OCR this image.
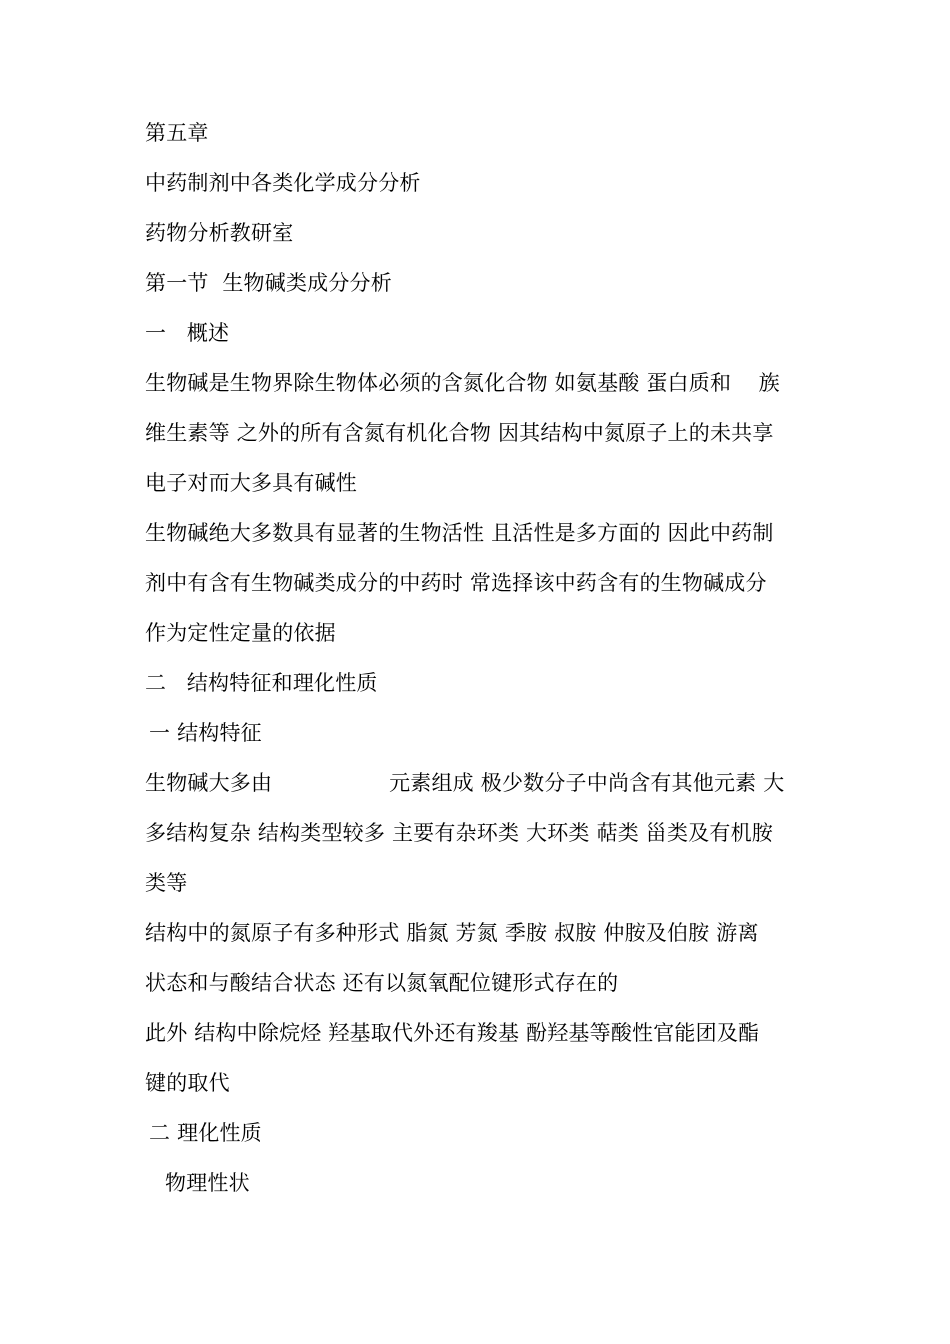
第五章
中药制剂中各类化学成分分析
药物分析教研室
第一节  生物碱类成分分析
一   概述
生物碱是生物界除生物体必须的含氮化合物 如氨基酸 蛋白质和    族
维生素等 之外的所有含氮有机化合物 因其结构中氮原子上的未共享
电子对而大多具有碱性
生物碱绝大多数具有显著的生物活性 且活性是多方面的 因此中药制
剂中有含有生物碱类成分的中药时 常选择该中药含有的生物碱成分
作为定性定量的依据
二   结构特征和理化性质
一 结构特征
生物碱大多由                 元素组成 极少数分子中尚含有其他元素 大
多结构复杂 结构类型较多 主要有杂环类 大环类 萜类 甾类及有机胺
类等
结构中的氮原子有多种形式 脂氮 芳氮 季胺 叔胺 仲胺及伯胺 游离
状态和与酸结合状态 还有以氮氧配位键形式存在的
此外 结构中除烷烃 羟基取代外还有羧基 酚羟基等酸性官能团及酯
键的取代
二 理化性质
物理性状
